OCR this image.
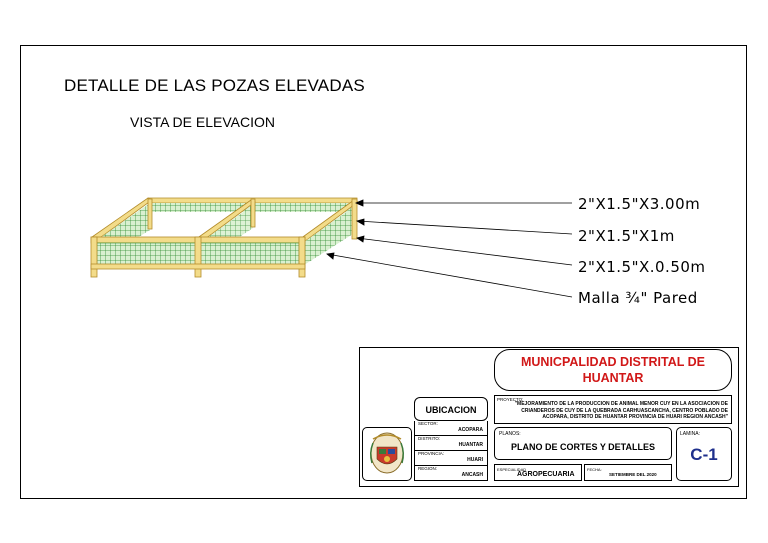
DETALLE DE LAS POZAS ELEVADAS
VISTA DE ELEVACION
2"X1.5"X3.00m
2"X1.5"X1m
2"X1.5"X.0.50m
Malla ¾" Pared
MUNICPALIDAD DISTRITAL DE HUANTAR
PROYECTO:
"MEJORAMIENTO DE LA PRODUCCION DE ANIMAL MENOR CUY EN LA ASOCIACION DE CRIANDEROS DE CUY DE LA QUEBRADA CARHUASCANCHA, CENTRO POBLADO DE ACOPARA, DISTRITO DE HUANTAR PROVINCIA DE HUARI REGION ANCASH"
UBICACION
SECTOR:
ACOPARA
DISTRITO:
HUANTAR
PROVINCIA:
HUARI
REGION:
ANCASH
PLANOS:
PLANO DE CORTES Y DETALLES
LAMINA:
C-1
ESPECIALIDAD
AGROPECUARIA
FECHA:
SETIEMBRE DEL 2020
